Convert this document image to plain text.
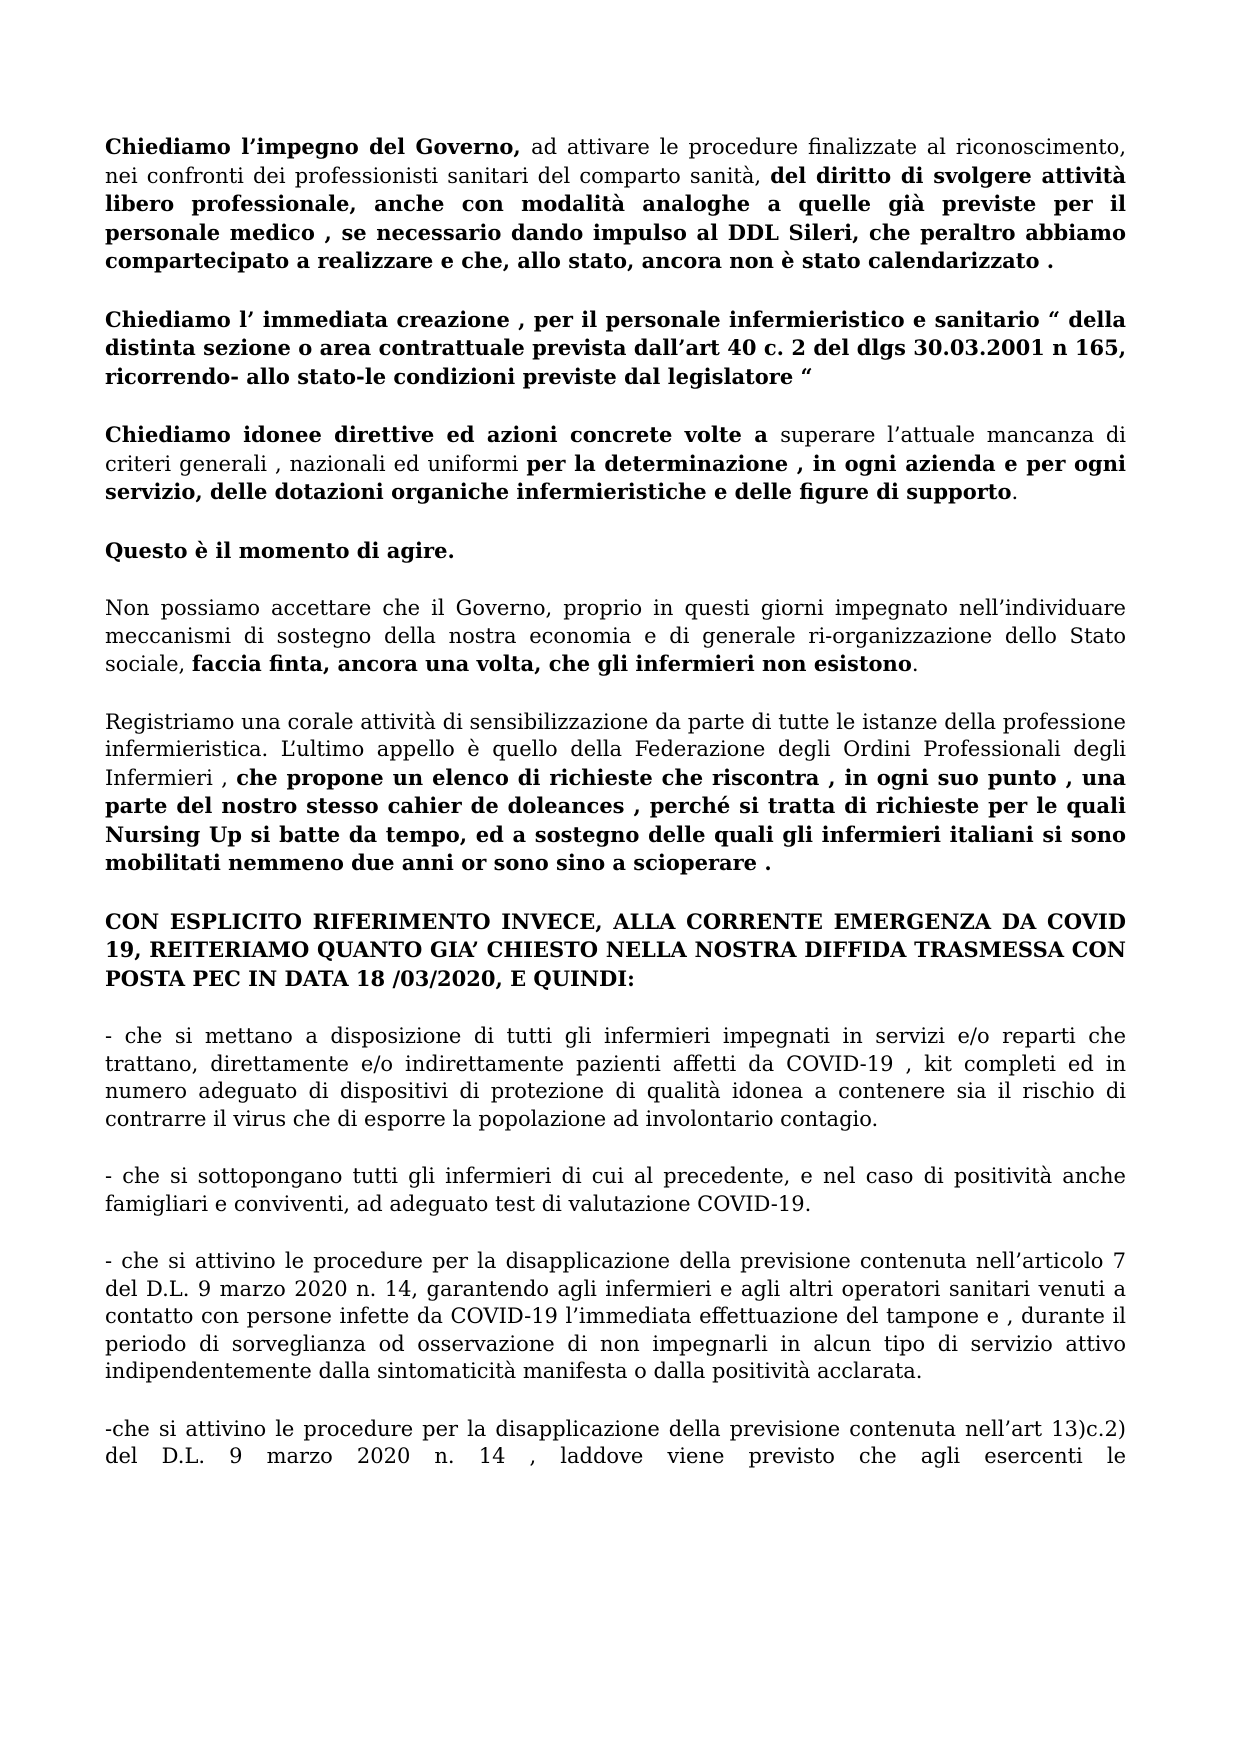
Chiediamo l’impegno del Governo, ad attivare le procedure finalizzate al riconoscimento, nei confronti dei professionisti sanitari del comparto sanità, del diritto di svolgere attività libero professionale, anche con modalità analoghe a quelle già previste per il personale medico , se necessario dando impulso al DDL Sileri, che peraltro abbiamo compartecipato a realizzare e che, allo stato, ancora non è stato calendarizzato .

Chiediamo l’ immediata creazione , per il personale infermieristico e sanitario “ della distinta sezione o area contrattuale prevista dall’art 40 c. 2 del dlgs 30.03.2001 n 165, ricorrendo- allo stato-le condizioni previste dal legislatore “

Chiediamo idonee direttive ed azioni concrete volte a superare l’attuale mancanza di criteri generali , nazionali ed uniformi per la determinazione , in ogni azienda e per ogni servizio, delle dotazioni organiche infermieristiche e delle figure di supporto.

Questo è il momento di agire.

Non possiamo accettare che il Governo, proprio in questi giorni impegnato nell’individuare meccanismi di sostegno della nostra economia e di generale ri-organizzazione dello Stato sociale, faccia finta, ancora una volta, che gli infermieri non esistono.

Registriamo una corale attività di sensibilizzazione da parte di tutte le istanze della professione infermieristica. L’ultimo appello è quello della Federazione degli Ordini Professionali degli Infermieri , che propone un elenco di richieste che riscontra , in ogni suo punto , una parte del nostro stesso cahier de doleances , perché si tratta di richieste per le quali Nursing Up si batte da tempo, ed a sostegno delle quali gli infermieri italiani si sono mobilitati nemmeno due anni or sono sino a scioperare .

CON ESPLICITO RIFERIMENTO INVECE, ALLA CORRENTE EMERGENZA DA COVID 19, REITERIAMO QUANTO GIA’ CHIESTO NELLA NOSTRA DIFFIDA TRASMESSA CON POSTA PEC IN DATA 18 /03/2020, E QUINDI:

- che si mettano a disposizione di tutti gli infermieri impegnati in servizi e/o reparti che trattano, direttamente e/o indirettamente pazienti affetti da COVID-19 , kit completi ed in numero adeguato di dispositivi di protezione di qualità idonea a contenere sia il rischio di contrarre il virus che di esporre la popolazione ad involontario contagio.

- che si sottopongano tutti gli infermieri di cui al precedente, e nel caso di positività anche famigliari e conviventi, ad adeguato test di valutazione COVID-19.

- che si attivino le procedure per la disapplicazione della previsione contenuta nell’articolo 7 del D.L. 9 marzo 2020 n. 14, garantendo agli infermieri e agli altri operatori sanitari venuti a contatto con persone infette da COVID-19 l’immediata effettuazione del tampone e , durante il periodo di sorveglianza od osservazione di non impegnarli in alcun tipo di servizio attivo indipendentemente dalla sintomaticità manifesta o dalla positività acclarata.

-che si attivino le procedure per la disapplicazione della previsione contenuta nell’art 13)c.2) del D.L. 9 marzo 2020 n. 14 , laddove viene previsto che agli esercenti le
